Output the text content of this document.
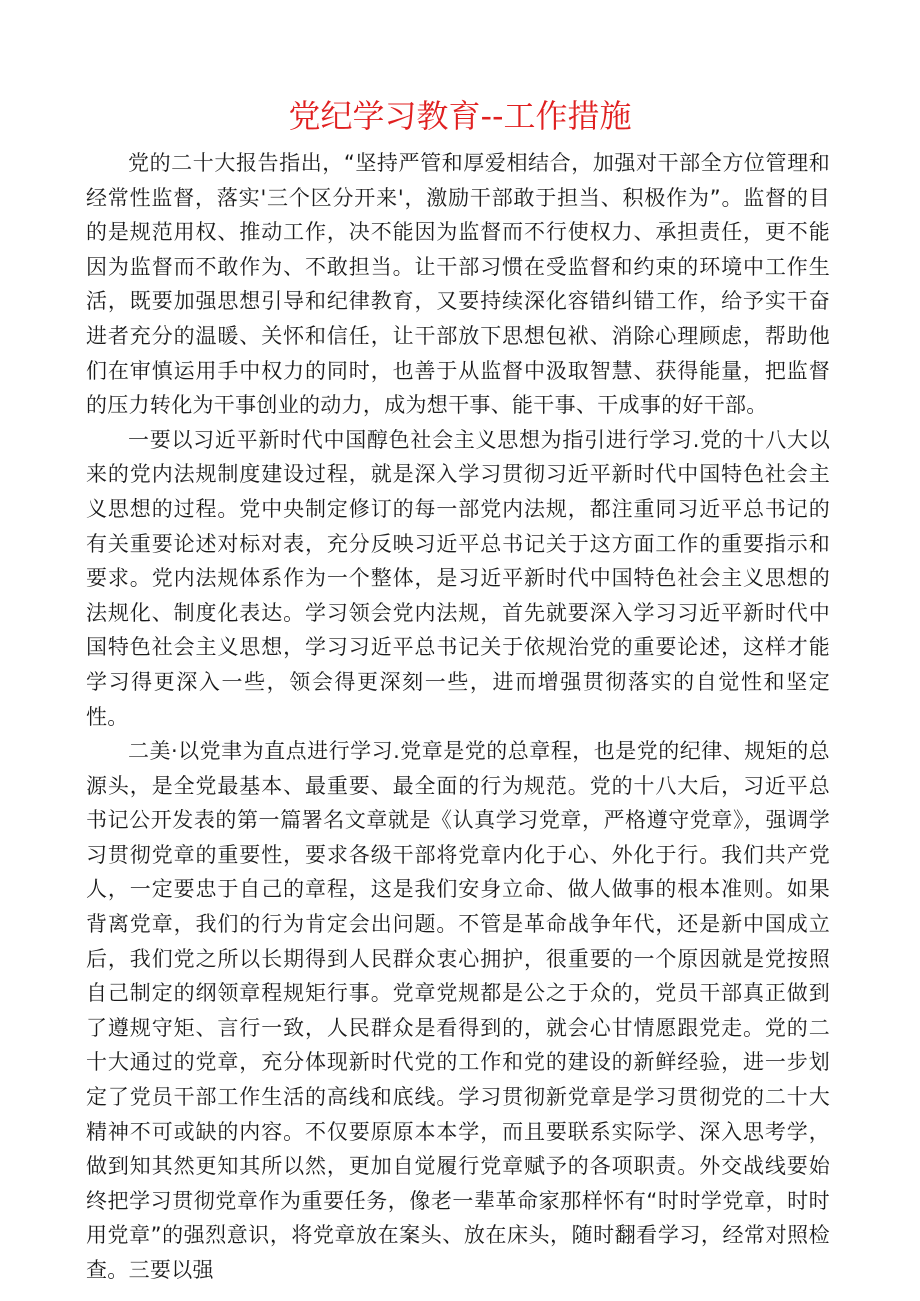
党纪学习教育--工作措施

党的二十大报告指出，“坚持严管和厚爱相结合，加强对干部全方位管理和经常性监督，落实'三个区分开来'，激励干部敢于担当、积极作为”。监督的目的是规范用权、推动工作，决不能因为监督而不行使权力、承担责任，更不能因为监督而不敢作为、不敢担当。让干部习惯在受监督和约束的环境中工作生活，既要加强思想引导和纪律教育，又要持续深化容错纠错工作，给予实干奋进者充分的温暖、关怀和信任，让干部放下思想包袱、消除心理顾虑，帮助他们在审慎运用手中权力的同时，也善于从监督中汲取智慧、获得能量，把监督的压力转化为干事创业的动力，成为想干事、能干事、干成事的好干部。

一要以习近平新时代中国醇色社会主义思想为指引进行学习.党的十八大以来的党内法规制度建设过程，就是深入学习贯彻习近平新时代中国特色社会主义思想的过程。党中央制定修订的每一部党内法规，都注重同习近平总书记的有关重要论述对标对表，充分反映习近平总书记关于这方面工作的重要指示和要求。党内法规体系作为一个整体，是习近平新时代中国特色社会主义思想的法规化、制度化表达。学习领会党内法规，首先就要深入学习习近平新时代中国特色社会主义思想，学习习近平总书记关于依规治党的重要论述，这样才能学习得更深入一些，领会得更深刻一些，进而增强贯彻落实的自觉性和坚定性。

二美·以党聿为直点进行学习.党章是党的总章程，也是党的纪律、规矩的总源头，是全党最基本、最重要、最全面的行为规范。党的十八大后，习近平总书记公开发表的第一篇署名文章就是《认真学习党章，严格遵守党章》，强调学习贯彻党章的重要性，要求各级干部将党章内化于心、外化于行。我们共产党人，一定要忠于自己的章程，这是我们安身立命、做人做事的根本准则。如果背离党章，我们的行为肯定会出问题。不管是革命战争年代，还是新中国成立后，我们党之所以长期得到人民群众衷心拥护，很重要的一个原因就是党按照自己制定的纲领章程规矩行事。党章党规都是公之于众的，党员干部真正做到了遵规守矩、言行一致，人民群众是看得到的，就会心甘情愿跟党走。党的二十大通过的党章，充分体现新时代党的工作和党的建设的新鲜经验，进一步划定了党员干部工作生活的高线和底线。学习贯彻新党章是学习贯彻党的二十大精神不可或缺的内容。不仅要原原本本学，而且要联系实际学、深入思考学，做到知其然更知其所以然，更加自觉履行党章赋予的各项职责。外交战线要始终把学习贯彻党章作为重要任务，像老一辈革命家那样怀有“时时学党章，时时用党章”的强烈意识，将党章放在案头、放在床头，随时翻看学习，经常对照检查。三要以强
